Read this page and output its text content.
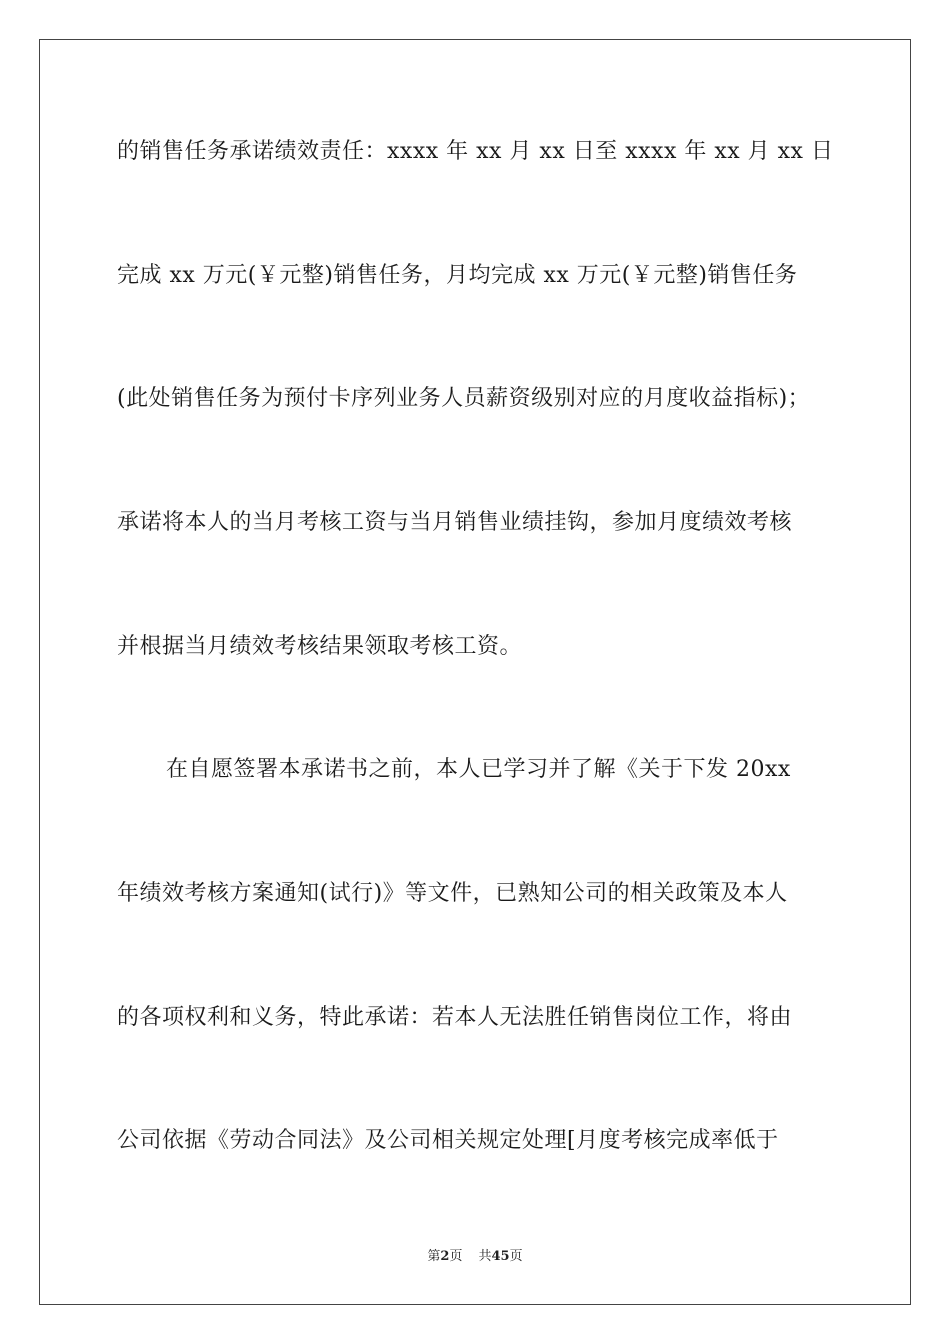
的销售任务承诺绩效责任：xxxx 年 xx 月 xx 日至 xxxx 年 xx 月 xx 日
完成 xx 万元(￥元整)销售任务，月均完成 xx 万元(￥元整)销售任务
(此处销售任务为预付卡序列业务人员薪资级别对应的月度收益指标)；
承诺将本人的当月考核工资与当月销售业绩挂钩，参加月度绩效考核
并根据当月绩效考核结果领取考核工资。
在自愿签署本承诺书之前，本人已学习并了解《关于下发 20xx
年绩效考核方案通知(试行)》等文件，已熟知公司的相关政策及本人
的各项权利和义务，特此承诺：若本人无法胜任销售岗位工作，将由
公司依据《劳动合同法》及公司相关规定处理[月度考核完成率低于
第2页 共45页
